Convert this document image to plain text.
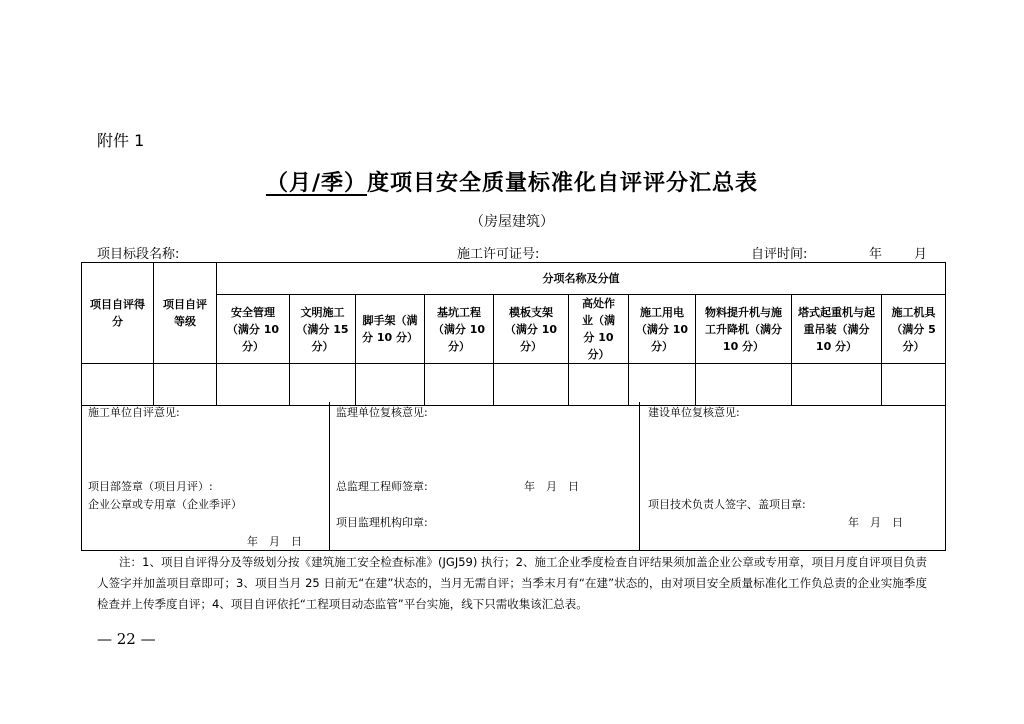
附件 1
（月/季）度项目安全质量标准化自评评分汇总表
（房屋建筑）
项目标段名称:	施工许可证号:	自评时间:	年 月
项目自评得分	项目自评等级	分项名称及分值										
		安全管理（满分 10 分）	文明施工（满分 15 分）	脚手架（满分 10 分）	基坑工程（满分 10 分）	模板支架（满分 10 分）	高处作业（满分 10 分）	施工用电（满分 10 分）	物料提升机与施工升降机（满分 10 分）	塔式起重机与起重吊装（满分 10 分）	施工机具（满分 5 分）		

施工单位自评意见:
项目部签章（项目月评）:
企业公章或专用章（企业季评）
年　月　日
监理单位复核意见:
总监理工程师签章:	年　月　日
项目监理机构印章:
建设单位复核意见:
项目技术负责人签字、盖项目章:
年　月　日
注：1、项目自评得分及等级划分按《建筑施工安全检查标准》(JGJ59) 执行；2、施工企业季度检查自评结果须加盖企业公章或专用章，项目月度自评项目负责人签字并加盖项目章即可；3、项目当月 25 日前无“在建”状态的，当月无需自评；当季末月有“在建”状态的，由对项目安全质量标准化工作负总责的企业实施季度检查并上传季度自评；4、项目自评依托“工程项目动态监管”平台实施，线下只需收集该汇总表。
— 22 —
